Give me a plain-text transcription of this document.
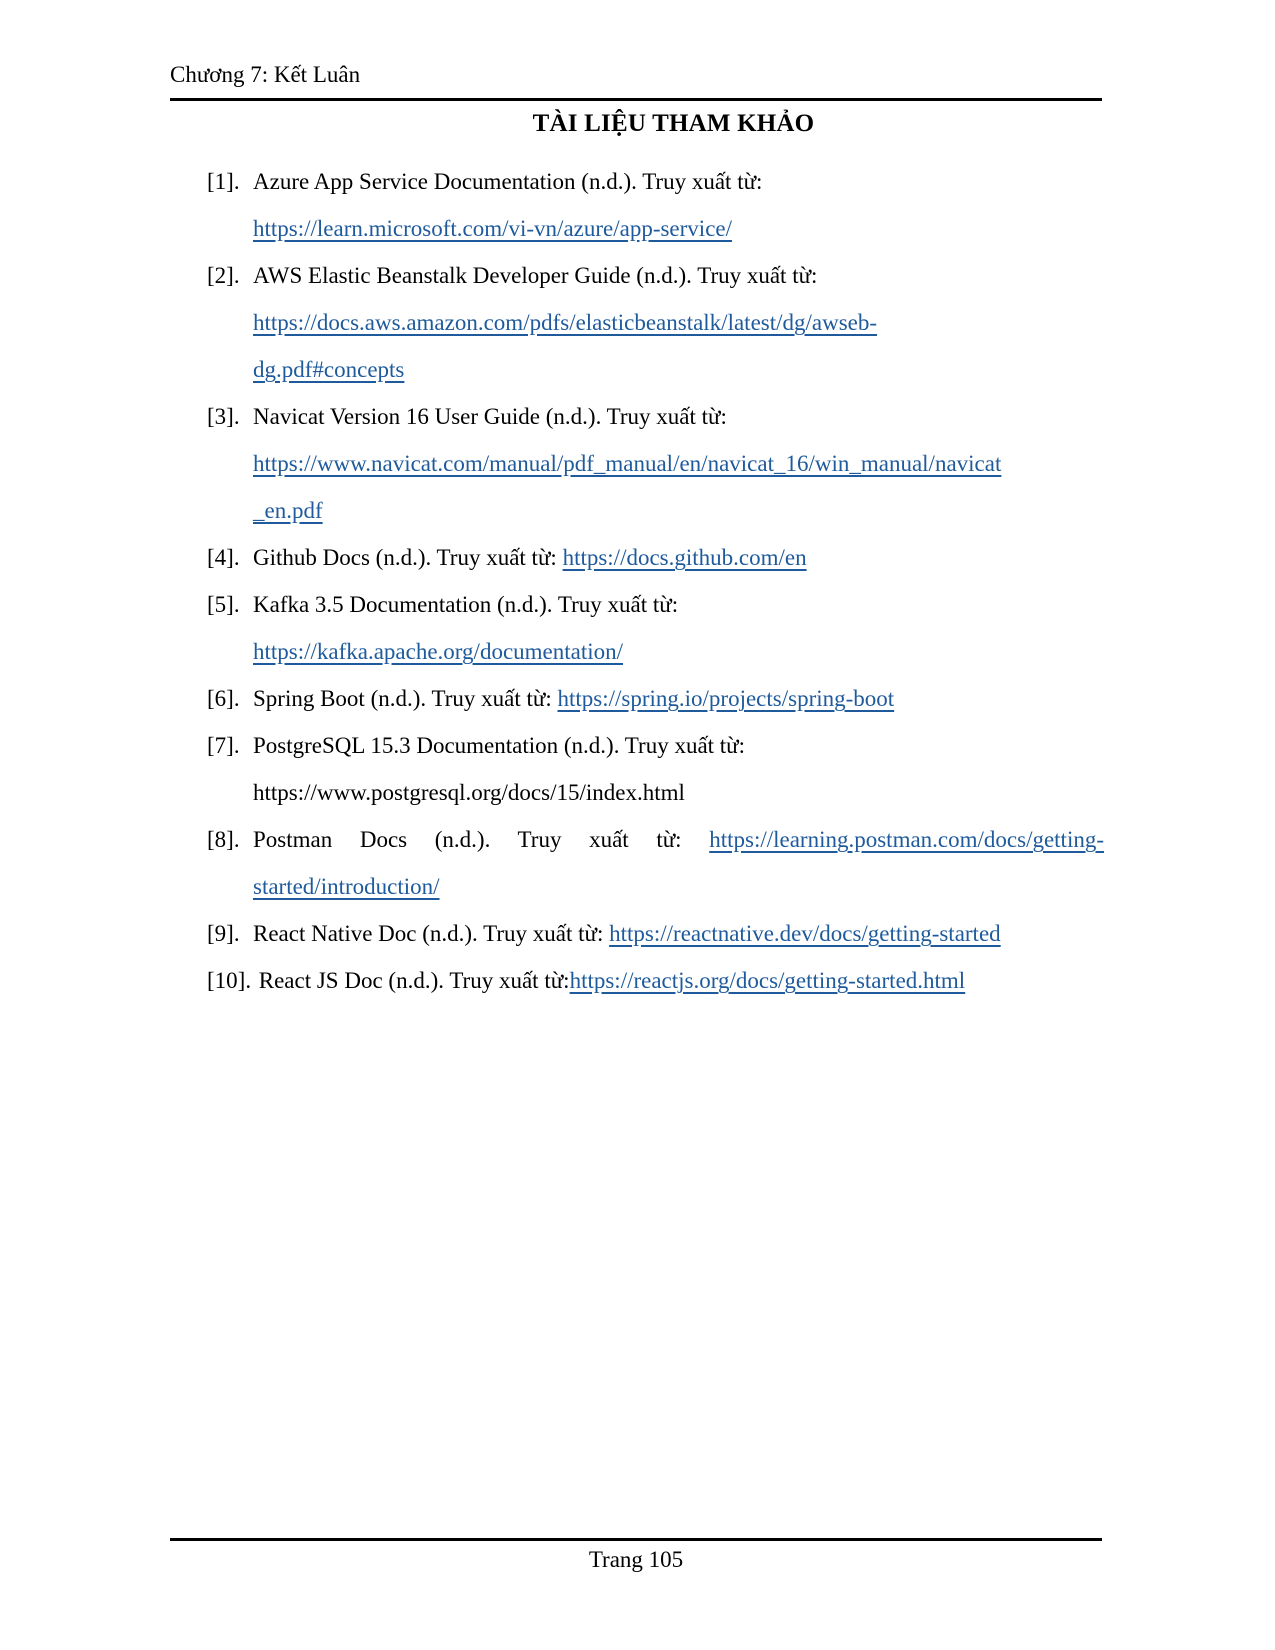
Chương 7: Kết Luân
TÀI LIỆU THAM KHẢO
[1]. Azure App Service Documentation (n.d.). Truy xuất từ:
https://learn.microsoft.com/vi-vn/azure/app-service/
[2]. AWS Elastic Beanstalk Developer Guide (n.d.). Truy xuất từ:
https://docs.aws.amazon.com/pdfs/elasticbeanstalk/latest/dg/awseb-
dg.pdf#concepts
[3]. Navicat Version 16 User Guide (n.d.). Truy xuất từ:
https://www.navicat.com/manual/pdf_manual/en/navicat_16/win_manual/navicat
_en.pdf
[4]. Github Docs (n.d.). Truy xuất từ: https://docs.github.com/en
[5]. Kafka 3.5 Documentation (n.d.). Truy xuất từ:
https://kafka.apache.org/documentation/
[6]. Spring Boot (n.d.). Truy xuất từ: https://spring.io/projects/spring-boot
[7]. PostgreSQL 15.3 Documentation (n.d.). Truy xuất từ:
https://www.postgresql.org/docs/15/index.html
[8]. Postman Docs (n.d.). Truy xuất từ: https://learning.postman.com/docs/getting-
started/introduction/
[9]. React Native Doc (n.d.). Truy xuất từ: https://reactnative.dev/docs/getting-started
[10]. React JS Doc (n.d.). Truy xuất từ:https://reactjs.org/docs/getting-started.html
Trang 105
